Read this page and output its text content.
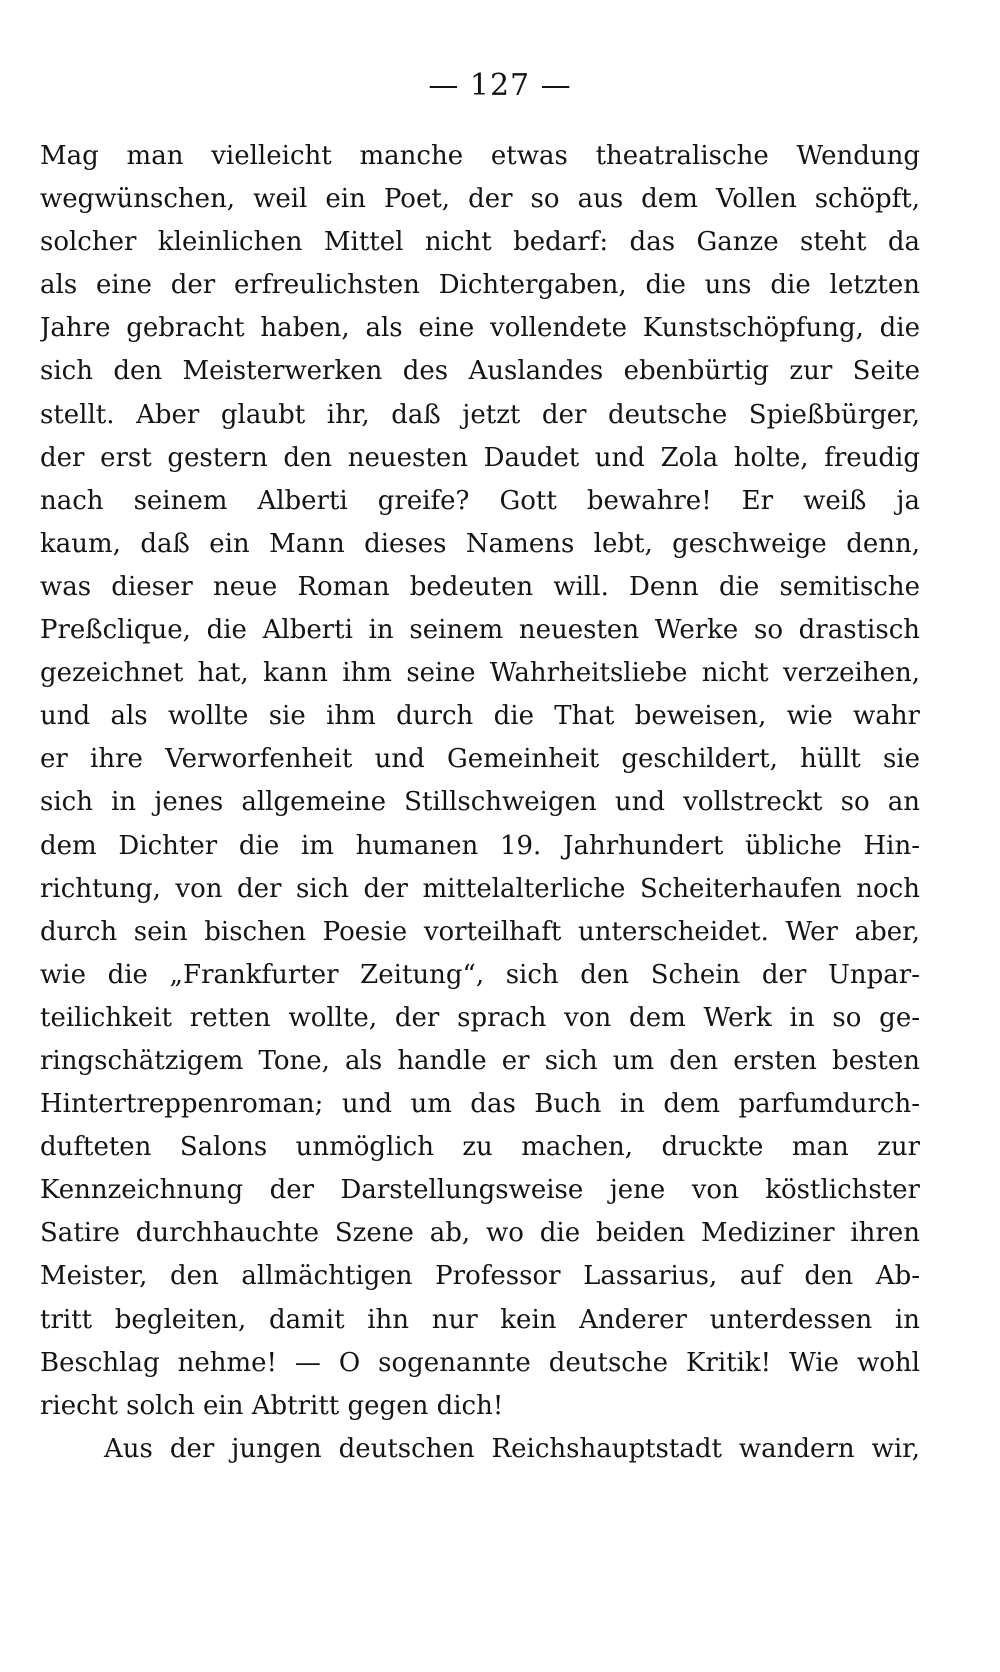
— 127 —
Mag man vielleicht manche etwas theatralische Wendung
wegwünschen, weil ein Poet, der so aus dem Vollen schöpft,
solcher kleinlichen Mittel nicht bedarf: das Ganze steht da
als eine der erfreulichsten Dichtergaben, die uns die letzten
Jahre gebracht haben, als eine vollendete Kunstschöpfung, die
sich den Meisterwerken des Auslandes ebenbürtig zur Seite
stellt. Aber glaubt ihr, daß jetzt der deutsche Spießbürger,
der erst gestern den neuesten Daudet und Zola holte, freudig
nach seinem Alberti greife? Gott bewahre! Er weiß ja
kaum, daß ein Mann dieses Namens lebt, geschweige denn,
was dieser neue Roman bedeuten will. Denn die semitische
Preßclique, die Alberti in seinem neuesten Werke so drastisch
gezeichnet hat, kann ihm seine Wahrheitsliebe nicht verzeihen,
und als wollte sie ihm durch die That beweisen, wie wahr
er ihre Verworfenheit und Gemeinheit geschildert, hüllt sie
sich in jenes allgemeine Stillschweigen und vollstreckt so an
dem Dichter die im humanen 19. Jahrhundert übliche Hin-
richtung, von der sich der mittelalterliche Scheiterhaufen noch
durch sein bischen Poesie vorteilhaft unterscheidet. Wer aber,
wie die „Frankfurter Zeitung“, sich den Schein der Unpar-
teilichkeit retten wollte, der sprach von dem Werk in so ge-
ringschätzigem Tone, als handle er sich um den ersten besten
Hintertreppenroman; und um das Buch in dem parfumdurch-
dufteten Salons unmöglich zu machen, druckte man zur
Kennzeichnung der Darstellungsweise jene von köstlichster
Satire durchhauchte Szene ab, wo die beiden Mediziner ihren
Meister, den allmächtigen Professor Lassarius, auf den Ab-
tritt begleiten, damit ihn nur kein Anderer unterdessen in
Beschlag nehme! — O sogenannte deutsche Kritik! Wie wohl
riecht solch ein Abtritt gegen dich!
Aus der jungen deutschen Reichshauptstadt wandern wir,
